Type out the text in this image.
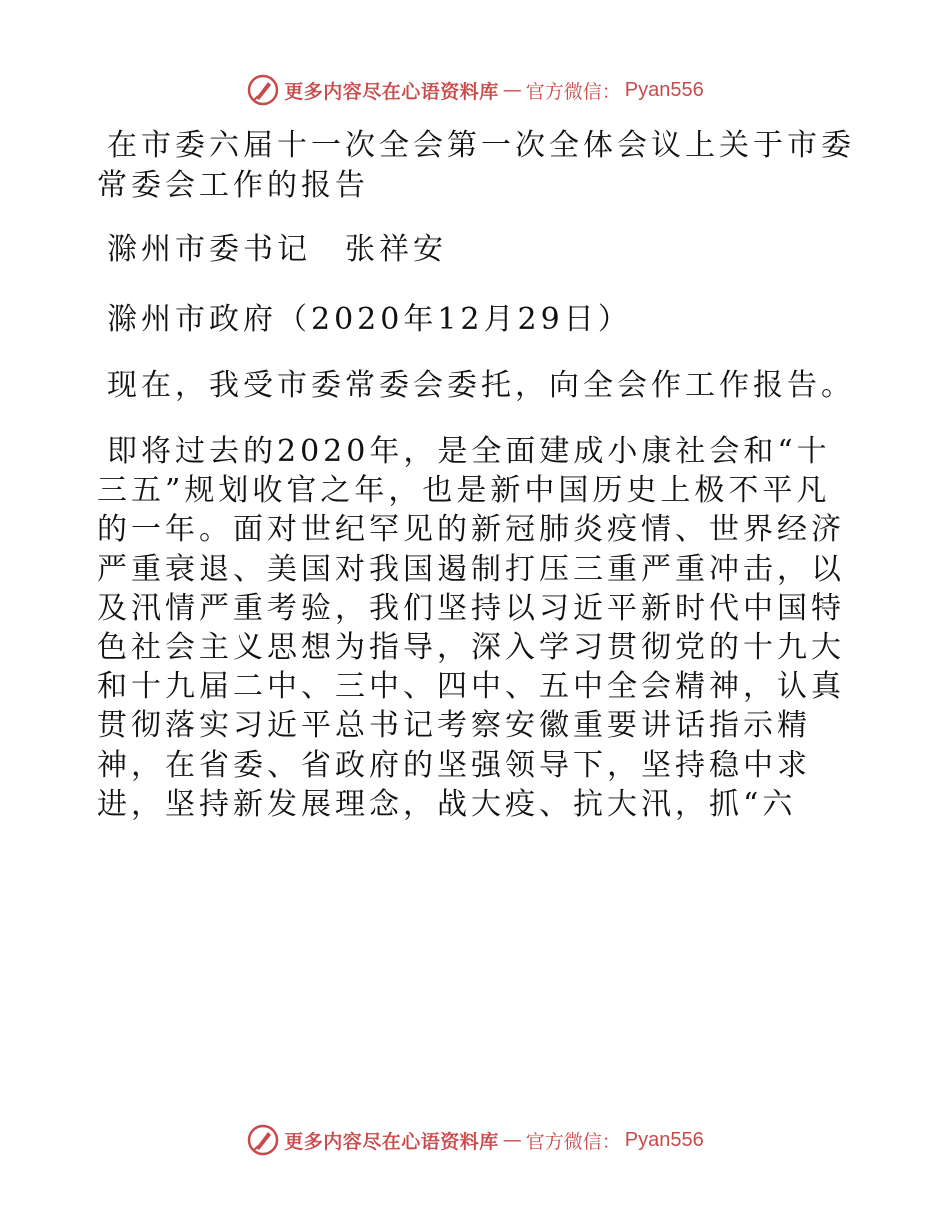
更多内容尽在心语资料库 — 官方微信： Pyan556

在市委六届十一次全会第一次全体会议上关于市委常委会工作的报告

滁州市委书记　张祥安

滁州市政府（2020年12月29日）

现在，我受市委常委会委托，向全会作工作报告。

即将过去的2020年，是全面建成小康社会和“十三五”规划收官之年，也是新中国历史上极不平凡的一年。面对世纪罕见的新冠肺炎疫情、世界经济严重衰退、美国对我国遏制打压三重严重冲击，以及汛情严重考验，我们坚持以习近平新时代中国特色社会主义思想为指导，深入学习贯彻党的十九大和十九届二中、三中、四中、五中全会精神，认真贯彻落实习近平总书记考察安徽重要讲话指示精神，在省委、省政府的坚强领导下，坚持稳中求进，坚持新发展理念，战大疫、抗大汛，抓“六

更多内容尽在心语资料库 — 官方微信： Pyan556
